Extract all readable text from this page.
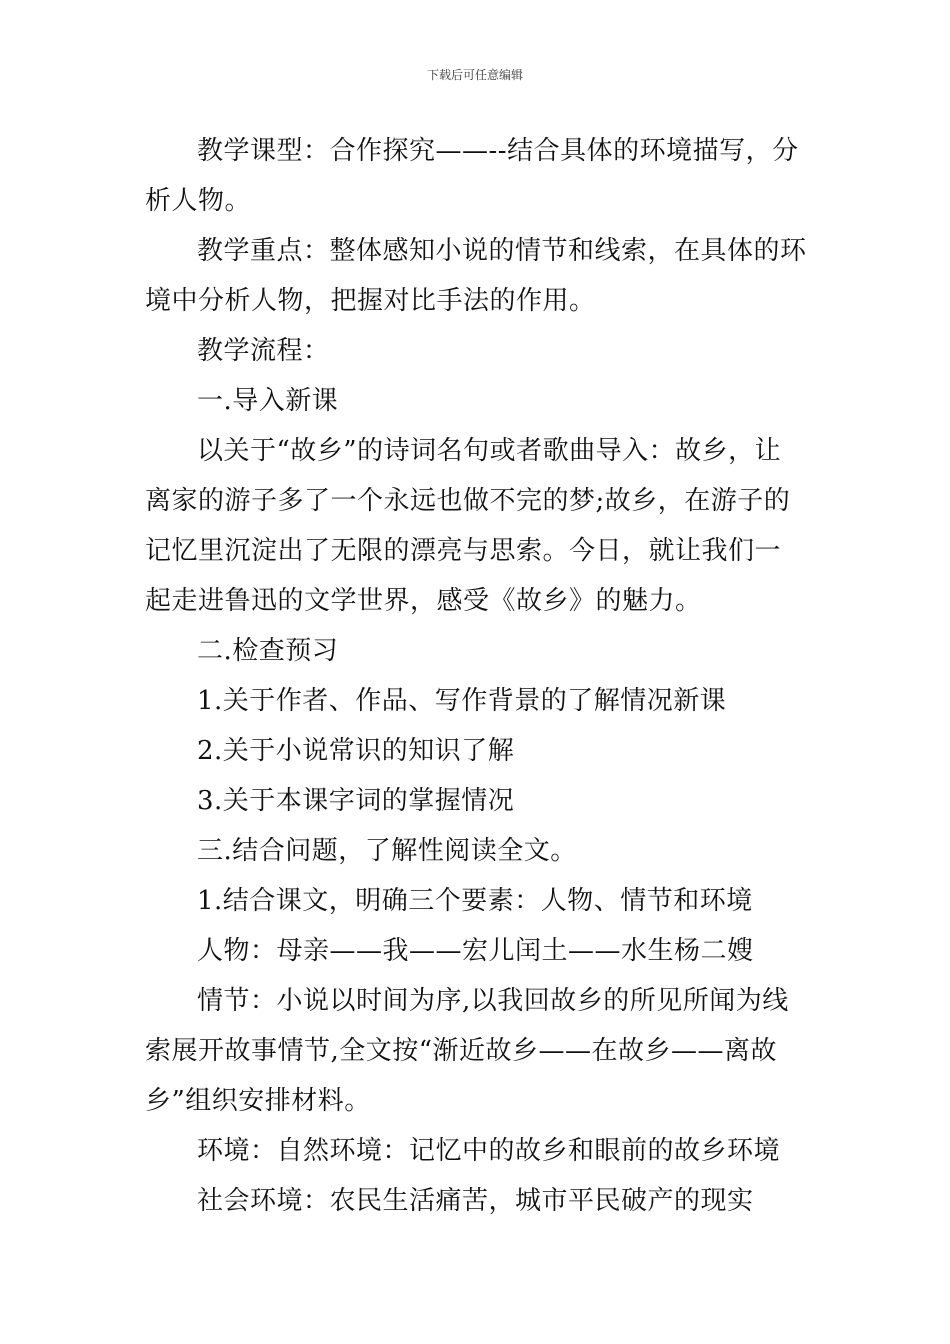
下载后可任意编辑

教学课型：合作探究——--结合具体的环境描写，分析人物。

教学重点：整体感知小说的情节和线索，在具体的环境中分析人物，把握对比手法的作用。

教学流程：

一.导入新课

以关于“故乡”的诗词名句或者歌曲导入：故乡，让离家的游子多了一个永远也做不完的梦;故乡，在游子的记忆里沉淀出了无限的漂亮与思索。今日，就让我们一起走进鲁迅的文学世界，感受《故乡》的魅力。

二.检查预习

1.关于作者、作品、写作背景的了解情况新课

2.关于小说常识的知识了解

3.关于本课字词的掌握情况

三.结合问题，了解性阅读全文。

1.结合课文，明确三个要素：人物、情节和环境

人物：母亲——我——宏儿闰土——水生杨二嫂

情节：小说以时间为序,以我回故乡的所见所闻为线索展开故事情节,全文按“渐近故乡——在故乡——离故乡”组织安排材料。

环境：自然环境：记忆中的故乡和眼前的故乡环境

社会环境：农民生活痛苦，城市平民破产的现实
